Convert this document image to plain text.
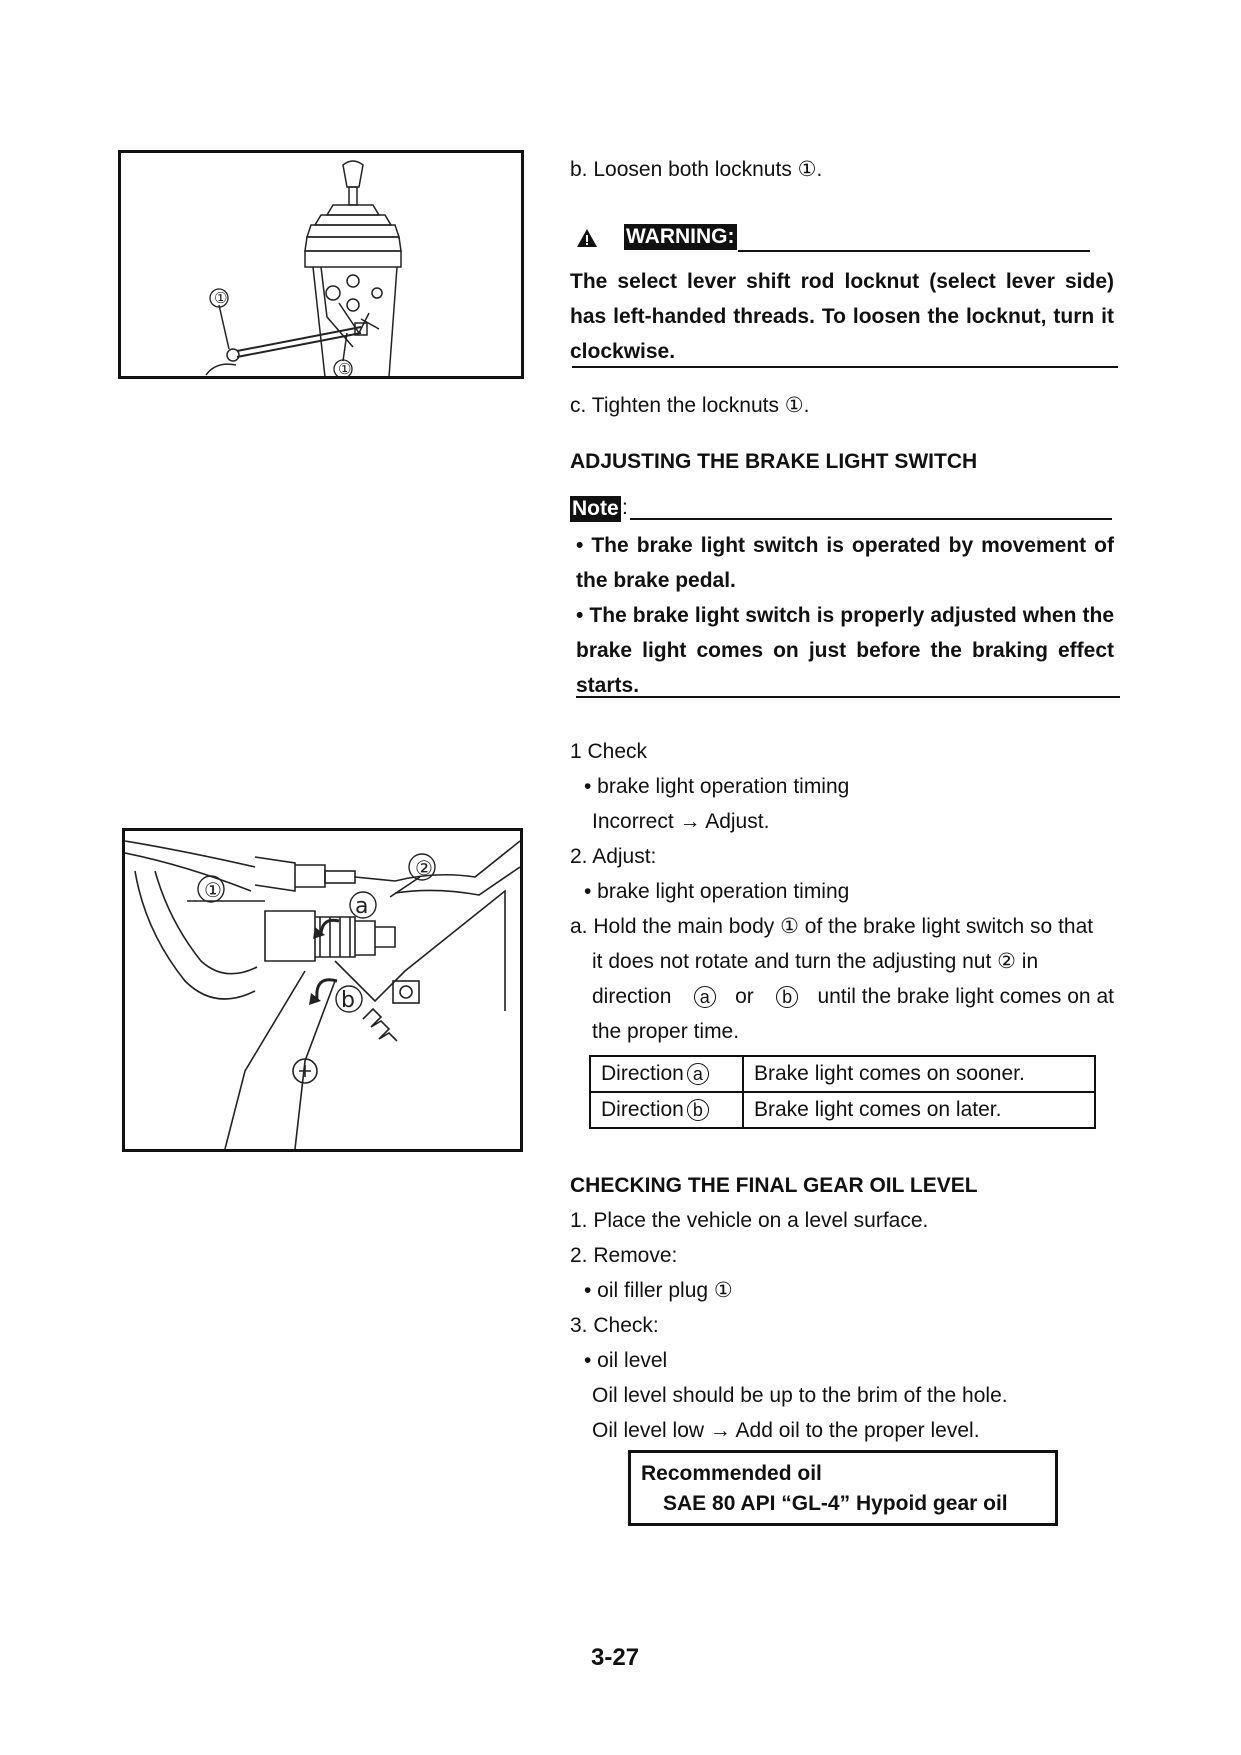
①
①
①
②
a
b
b. Loosen both locknuts ①.
WARNING:
The select lever shift rod locknut (select lever side) has left-handed threads. To loosen the locknut, turn it clockwise.
c. Tighten the locknuts ①.
ADJUSTING THE BRAKE LIGHT SWITCH
Note :
• The brake light switch is operated by movement of the brake pedal.
• The brake light switch is properly adjusted when the brake light comes on just before the braking effect starts.
1 Check
• brake light operation timing
Incorrect → Adjust.
2. Adjust:
• brake light operation timing
a. Hold the main body ① of the brake light switch so that
it does not rotate and turn the adjusting nut ② in
direction	a or	b until the brake light comes on at
the proper time.
Direction a	Brake light comes on sooner.
Direction b	Brake light comes on later.
CHECKING THE FINAL GEAR OIL LEVEL
1. Place the vehicle on a level surface.
2. Remove:
• oil filler plug ①
3. Check:
• oil level
Oil level should be up to the brim of the hole.
Oil level low → Add oil to the proper level.
Recommended oil
SAE 80 API “GL-4” Hypoid gear oil
3-27
